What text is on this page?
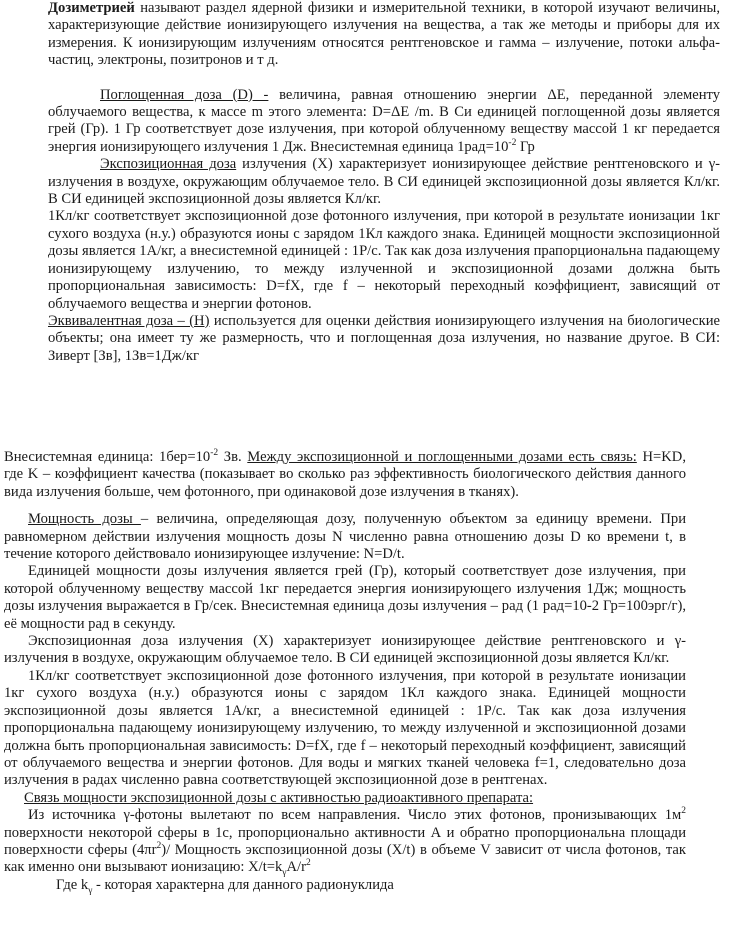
Дозиметрией называют раздел ядерной физики и измерительной техники, в которой изучают величины, характеризующие действие ионизирующего излучения на вещества, а так же методы и приборы для их измерения. К ионизирующим излучениям относятся рентгеновское и гамма – излучение, потоки альфа-частиц, электроны, позитронов и т д.

Поглощенная доза (D) - величина, равная отношению энергии ΔЕ, переданной элементу облучаемого вещества, к массе m этого элемента: D=ΔE /m. В Си единицей поглощенной дозы является грей (Гр). 1 Гр соответствует дозе излучения, при которой облученному веществу массой 1 кг передается энергия ионизирующего излучения 1 Дж. Внесистемная единица $1рад=10^{-2}$ Гр

Экспозиционная доза излучения (X) характеризует ионизирующее действие рентгеновского и γ-излучения в воздухе, окружающим облучаемое тело. В СИ единицей экспозиционной дозы является Кл/кг. В СИ единицей экспозиционной дозы является Кл/кг.

1Кл/кг соответствует экспозиционной дозе фотонного излучения, при которой в результате ионизации 1кг сухого воздуха (н.у.) образуются ионы с зарядом 1Кл каждого знака. Единицей мощности экспозиционной дозы является 1А/кг, а внесистемной единицей : 1Р/с. Так как доза излучения прапорциональна падающему ионизирующему излучению, то между излученной и экспозиционной дозами должна быть пропорциональная зависимость: D=fX, где f – некоторый переходный коэффициент, зависящий от облучаемого вещества и энергии фотонов.

Эквивалентная доза – (Н) используется для оценки действия ионизирующего излучения на биологические объекты; она имеет ту же размерность, что и поглощенная доза излучения, но название другое. В СИ: Зиверт [Зв], 1Зв=1Дж/кг

Внесистемная единица: $1бер=10^{-2}$ Зв. Между экспозиционной и поглощенными дозами есть связь: H=KD, где K – коэффициент качества (показывает во сколько раз эффективность биологического действия данного вида излучения больше, чем фотонного, при одинаковой дозе излучения в тканях).

Мощность дозы – величина, определяющая дозу, полученную объектом за единицу времени. При равномерном действии излучения мощность дозы N численно равна отношению дозы D ко времени t, в течение которого действовало ионизирующее излучение: N=D/t.

Единицей мощности дозы излучения является грей (Гр), который соответствует дозе излучения, при которой облученному веществу массой 1кг передается энергия ионизирующего излучения 1Дж; мощность дозы излучения выражается в Гр/сек. Внесистемная единица дозы излучения – рад (1 рад=10-2 Гр=100эрг/г), её мощности рад в секунду.

Экспозиционная доза излучения (X) характеризует ионизирующее действие рентгеновского и γ-излучения в воздухе, окружающим облучаемое тело. В СИ единицей экспозиционной дозы является Кл/кг.

1Кл/кг соответствует экспозиционной дозе фотонного излучения, при которой в результате ионизации 1кг сухого воздуха (н.у.) образуются ионы с зарядом 1Кл каждого знака. Единицей мощности экспозиционной дозы является 1А/кг, а внесистемной единицей : 1Р/с. Так как доза излучения пропорциональна падающему ионизирующему излучению, то между излученной и экспозиционной дозами должна быть пропорциональная зависимость: D=fX, где f – некоторый переходный коэффициент, зависящий от облучаемого вещества и энергии фотонов. Для воды и мягких тканей человека f=1, следовательно доза излучения в радах численно равна соответствующей экспозиционной дозе в рентгенах.

Связь мощности экспозиционной дозы с активностью радиоактивного препарата:

Из источника γ-фотоны вылетают по всем направления. Число этих фотонов, пронизывающих $1м^2$ поверхности некоторой сферы в 1с, пропорционально активности А и обратно пропорциональна площади поверхности сферы $(4\pi r^2)/$ Мощность экспозиционной дозы (X/t) в объеме V зависит от числа фотонов, так как именно они вызывают ионизацию: $X/t=k_\gamma A/r^2$

Где $k_\gamma$ - которая характерна для данного радионуклида
